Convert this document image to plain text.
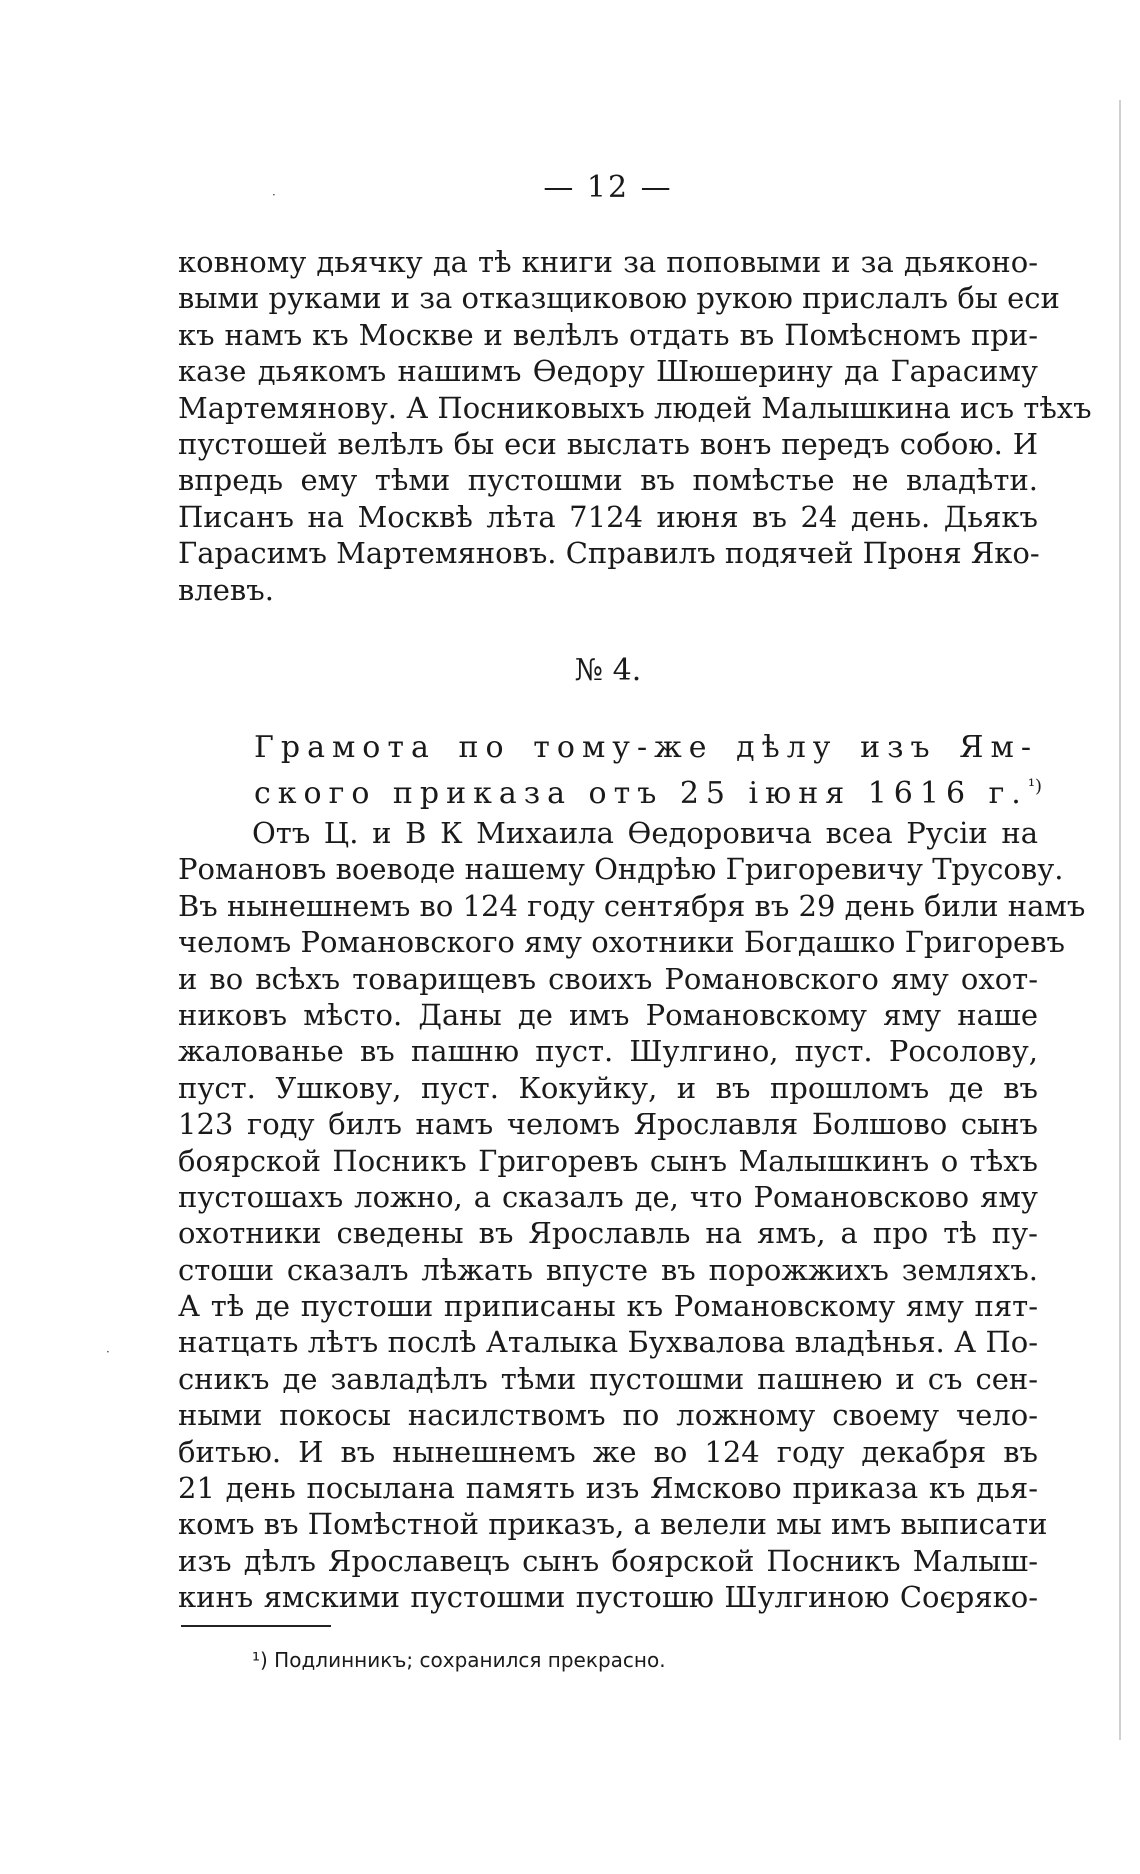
·
·
— 12 —
ковному дьячку да тѣ книги за поповыми и за дьяконо-
выми руками и за отказщиковою рукою прислалъ бы еси
къ намъ къ Москве и велѣлъ отдать въ Помѣсномъ при-
казе дьякомъ нашимъ Ѳедору Шюшерину да Гарасиму
Мартемянову. А Посниковыхъ людей Малышкина исъ тѣхъ
пустошей велѣлъ бы еси выслать вонъ передъ собою. И
впредь ему тѣми пустошми въ помѣстье не владѣти.
Писанъ на Москвѣ лѣта 7124 июня въ 24 день. Дьякъ
Гарасимъ Мартемяновъ. Справилъ подячей Проня Яко-
влевъ.
№ 4.
Грамота по тому-же дѣлу изъ Ям-
ского приказа отъ 25 іюня 1616 г.$^{^1)}$
Отъ Ц. и В К Михаила Ѳедоровича всеа Русіи на
Романовъ воеводе нашему Ондрѣю Григоревичу Трусову.
Въ нынешнемъ во 124 году сентября въ 29 день били намъ
челомъ Романовского яму охотники Богдашко Григоревъ
и во всѣхъ товарищевъ своихъ Романовского яму охот-
никовъ мѣсто. Даны де имъ Романовскому яму наше
жалованье въ пашню пуст. Шулгино, пуст. Росолову,
пуст. Ушкову, пуст. Кокуйку, и въ прошломъ де въ
123 году билъ намъ челомъ Ярославля Болшово сынъ
боярской Посникъ Григоревъ сынъ Малышкинъ о тѣхъ
пустошахъ ложно, а сказалъ де, что Романовсково яму
охотники сведены въ Ярославль на ямъ, а про тѣ пу-
стоши сказалъ лѣжать впусте въ порожжихъ земляхъ.
А тѣ де пустоши приписаны къ Романовскому яму пят-
натцать лѣтъ послѣ Аталыка Бухвалова владѣнья. А По-
сникъ де завладѣлъ тѣми пустошми пашнею и съ сен-
ными покосы насилствомъ по ложному своему чело-
битью. И въ нынешнемъ же во 124 году декабря въ
21 день посылана память изъ Ямсково приказа къ дья-
комъ въ Помѣстной приказъ, а велели мы имъ выписати
изъ дѣлъ Ярославецъ сынъ боярской Посникъ Малыш-
кинъ ямскими пустошми пустошю Шулгиною Соєряко-
¹) Подлинникъ; сохранился прекрасно.
